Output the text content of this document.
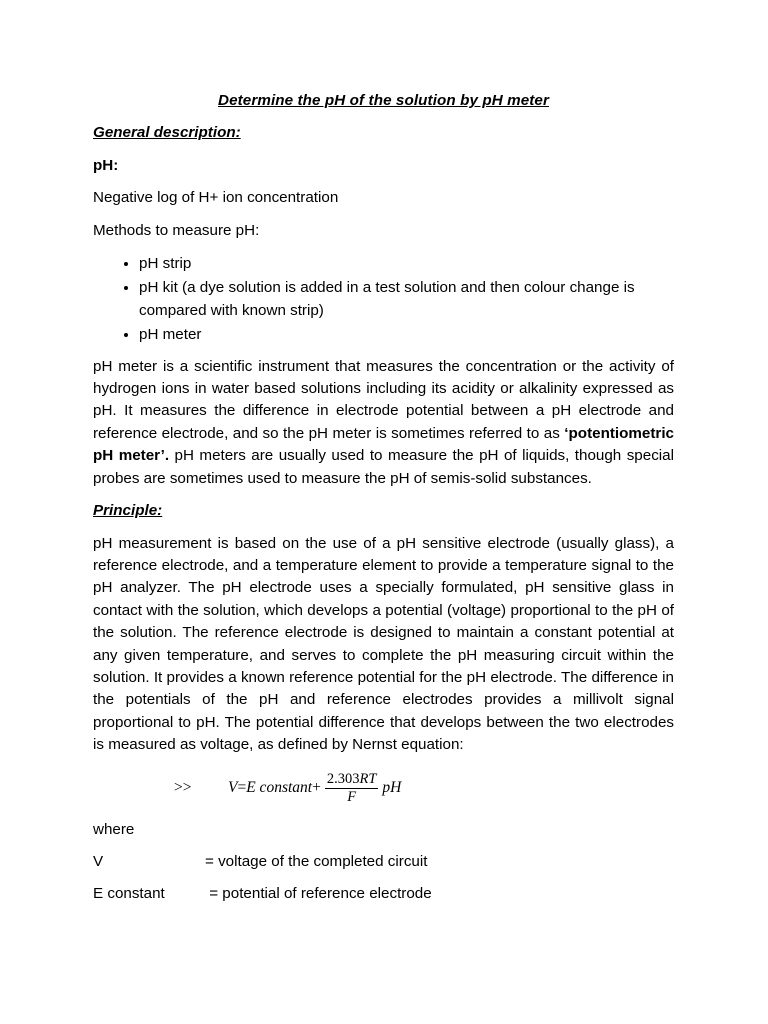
Determine the pH of the solution by pH meter
General description:
pH:

Negative log of H+ ion concentration

Methods to measure pH:

• pH strip
• pH kit (a dye solution is added in a test solution and then colour change is compared with known strip)
• pH meter

pH meter is a scientific instrument that measures the concentration or the activity of hydrogen ions in water based solutions including its acidity or alkalinity expressed as pH. It measures the difference in electrode potential between a pH electrode and reference electrode, and so the pH meter is sometimes referred to as ‘potentiometric pH meter’. pH meters are usually used to measure the pH of liquids, though special probes are sometimes used to measure the pH of semis-solid substances.

Principle:

pH measurement is based on the use of a pH sensitive electrode (usually glass), a reference electrode, and a temperature element to provide a temperature signal to the pH analyzer. The pH electrode uses a specially formulated, pH sensitive glass in contact with the solution, which develops a potential (voltage) proportional to the pH of the solution. The reference electrode is designed to maintain a constant potential at any given temperature, and serves to complete the pH measuring circuit within the solution. It provides a known reference potential for the pH electrode. The difference in the potentials of the pH and reference electrodes provides a millivolt signal proportional to pH. The potential difference that develops between the two electrodes is measured as voltage, as defined by Nernst equation:

>> V = E constant + $\frac{2.303RT}{F}$ pH

where

V	= voltage of the completed circuit
E constant	= potential of reference electrode
